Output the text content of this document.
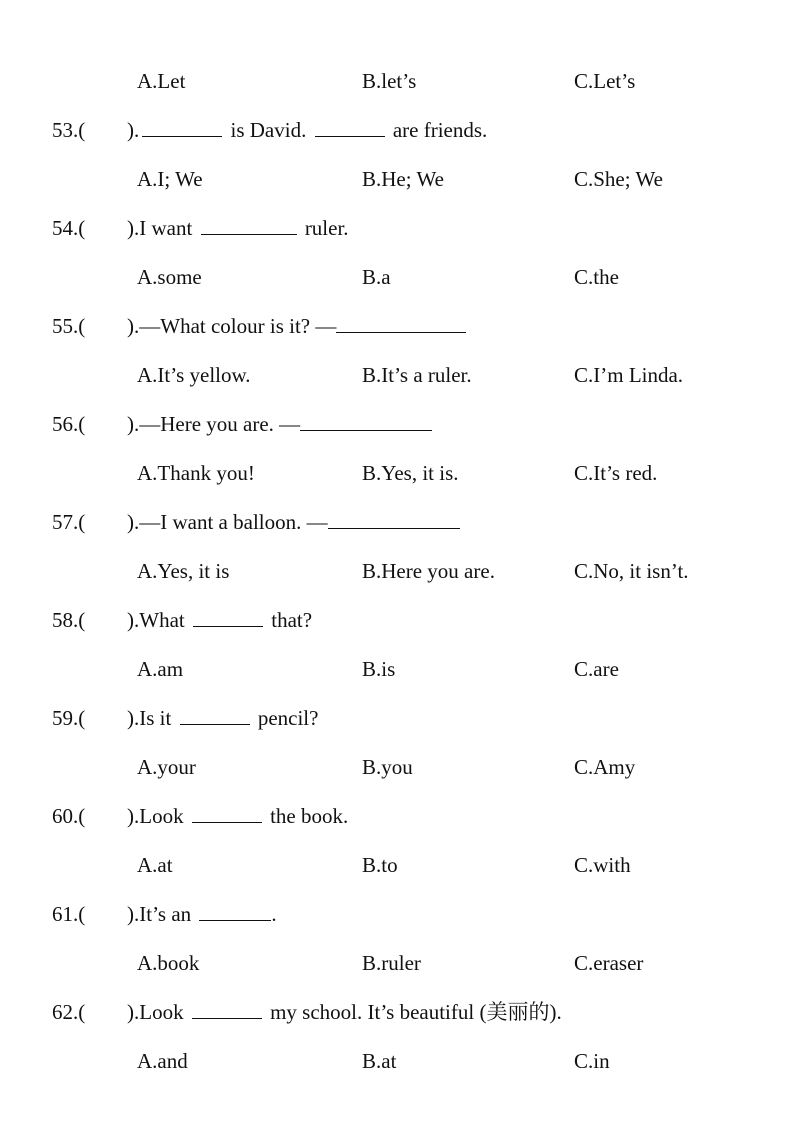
A.Let	B.let’s	C.Let’s
53.( ).	is David.	are friends.
A.I; We	B.He; We	C.She; We
54.( ).I want	ruler.
A.some	B.a	C.the
55.( ).—What colour is it? —
A.It’s yellow.	B.It’s a ruler.	C.I’m Linda.
56.( ).—Here you are. —
A.Thank you!	B.Yes, it is.	C.It’s red.
57.( ).—I want a balloon. —
A.Yes, it is	B.Here you are.	C.No, it isn’t.
58.( ).What	that?
A.am	B.is	C.are
59.( ).Is it	pencil?
A.your	B.you	C.Amy
60.( ).Look	the book.
A.at	B.to	C.with
61.( ).It’s an	.
A.book	B.ruler	C.eraser
62.( ).Look	my school. It’s beautiful (美丽的).
A.and	B.at	C.in
